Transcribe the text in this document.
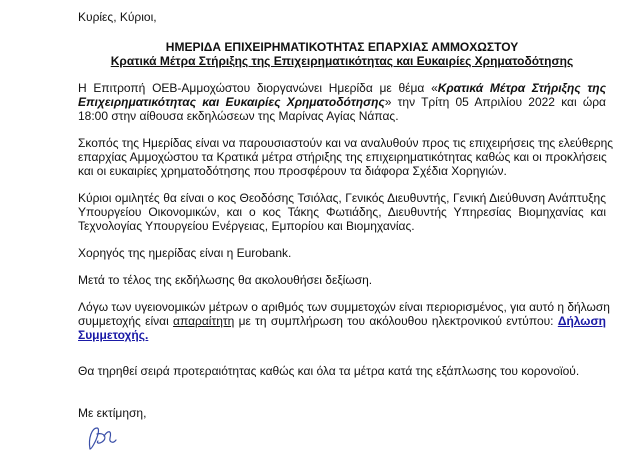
Κυρίες, Κύριοι,
ΗΜΕΡΙΔΑ ΕΠΙΧΕΙΡΗΜΑΤΙΚΟΤΗΤΑΣ ΕΠΑΡΧΙΑΣ ΑΜΜΟΧΩΣΤΟΥ
Κρατικά Μέτρα Στήριξης της Επιχειρηματικότητας και Ευκαιρίες Χρηματοδότησης
Η Επιτροπή ΟΕΒ-Αμμοχώστου διοργανώνει Ημερίδα με θέμα «Κρατικά Μέτρα Στήριξης της
Επιχειρηματικότητας και Ευκαιρίες Χρηματοδότησης» την Τρίτη 05 Απριλίου 2022 και ώρα
18:00 στην αίθουσα εκδηλώσεων της Μαρίνας Αγίας Νάπας.
Σκοπός της Ημερίδας είναι να παρουσιαστούν και να αναλυθούν προς τις επιχειρήσεις της ελεύθερης
επαρχίας Αμμοχώστου τα Κρατικά μέτρα στήριξης της επιχειρηματικότητας καθώς και οι προκλήσεις
και οι ευκαιρίες χρηματοδότησης που προσφέρουν τα διάφορα Σχέδια Χορηγιών.
Κύριοι ομιλητές θα είναι ο κος Θεοδόσης Τσιόλας, Γενικός Διευθυντής, Γενική Διεύθυνση Ανάπτυξης
Υπουργείου Οικονομικών, και ο κος Τάκης Φωτιάδης, Διευθυντής Υπηρεσίας Βιομηχανίας και
Τεχνολογίας Υπουργείου Ενέργειας, Εμπορίου και Βιομηχανίας.
Χορηγός της ημερίδας είναι η Eurobank.
Μετά το τέλος της εκδήλωσης θα ακολουθήσει δεξίωση.
Λόγω των υγειονομικών μέτρων ο αριθμός των συμμετοχών είναι περιορισμένος, για αυτό η δήλωση
συμμετοχής είναι απαραίτητη με τη συμπλήρωση του ακόλουθου ηλεκτρονικού εντύπου: Δήλωση
Συμμετοχής.
Θα τηρηθεί σειρά προτεραιότητας καθώς και όλα τα μέτρα κατά της εξάπλωσης του κορονοϊού.
Με εκτίμηση,
